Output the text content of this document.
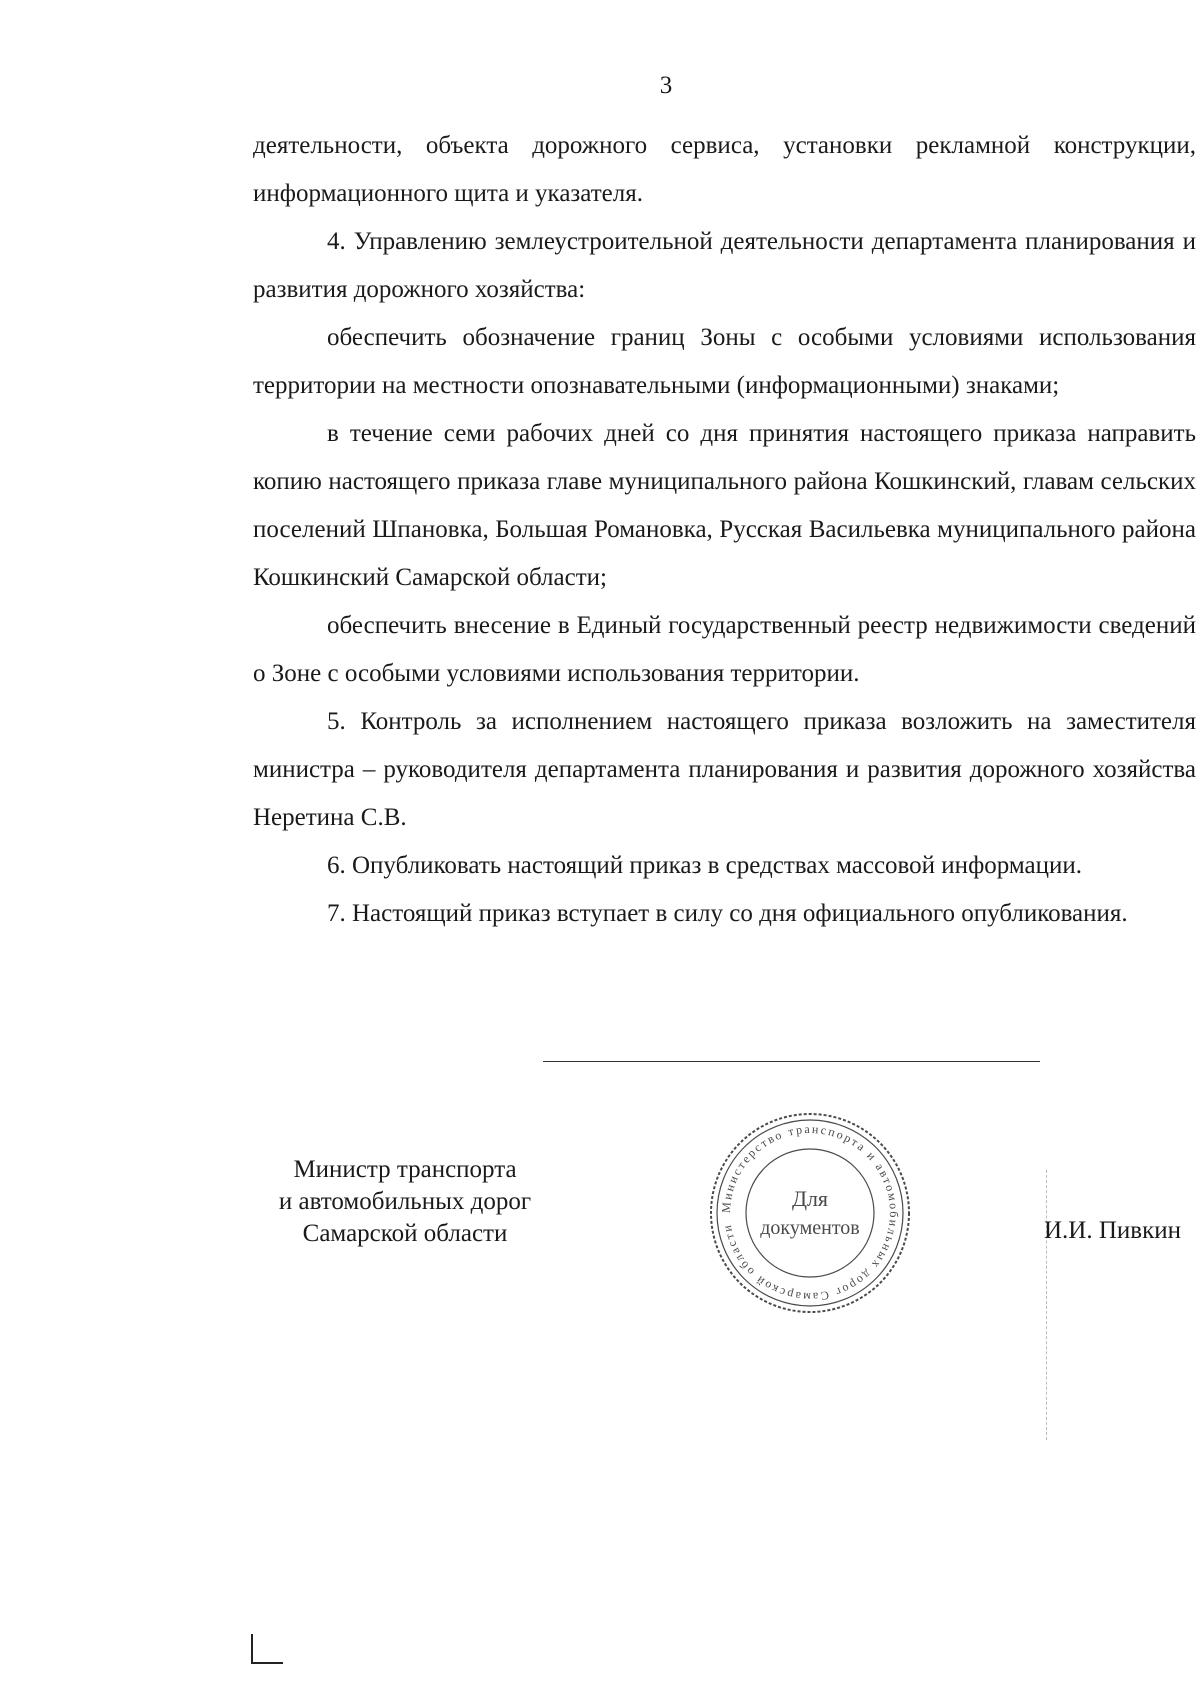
3

деятельности, объекта дорожного сервиса, установки рекламной конструкции, информационного щита и указателя.

4. Управлению землеустроительной деятельности департамента планирования и развития дорожного хозяйства:

обеспечить обозначение границ Зоны с особыми условиями использования территории на местности опознавательными (информационными) знаками;

в течение семи рабочих дней со дня принятия настоящего приказа направить копию настоящего приказа главе муниципального района Кошкинский, главам сельских поселений Шпановка, Большая Романовка, Русская Васильевка муниципального района Кошкинский Самарской области;

обеспечить внесение в Единый государственный реестр недвижимости сведений о Зоне с особыми условиями использования территории.

5. Контроль за исполнением настоящего приказа возложить на заместителя министра – руководителя департамента планирования и развития дорожного хозяйства Неретина С.В.

6. Опубликовать настоящий приказ в средствах массовой информации.

7. Настоящий приказ вступает в силу со дня официального опубликования.

Министр транспорта
и автомобильных дорог
Самарской области
Министерство транспорта и автомобильных дорог Самарской области
Для
документов	И.И. Пивкин
